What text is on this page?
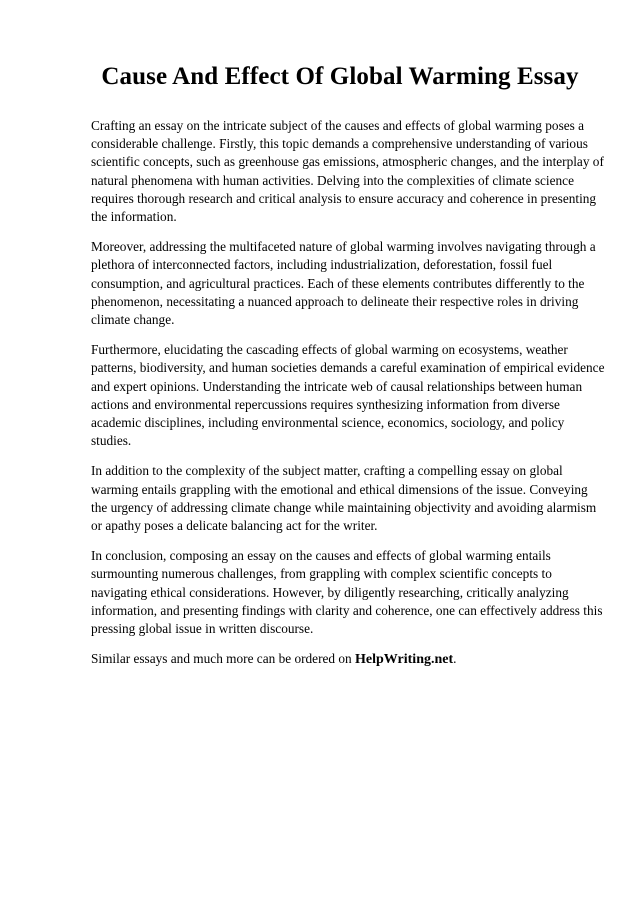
Cause And Effect Of Global Warming Essay

Crafting an essay on the intricate subject of the causes and effects of global warming poses a considerable challenge. Firstly, this topic demands a comprehensive understanding of various scientific concepts, such as greenhouse gas emissions, atmospheric changes, and the interplay of natural phenomena with human activities. Delving into the complexities of climate science requires thorough research and critical analysis to ensure accuracy and coherence in presenting the information.

Moreover, addressing the multifaceted nature of global warming involves navigating through a plethora of interconnected factors, including industrialization, deforestation, fossil fuel consumption, and agricultural practices. Each of these elements contributes differently to the phenomenon, necessitating a nuanced approach to delineate their respective roles in driving climate change.

Furthermore, elucidating the cascading effects of global warming on ecosystems, weather patterns, biodiversity, and human societies demands a careful examination of empirical evidence and expert opinions. Understanding the intricate web of causal relationships between human actions and environmental repercussions requires synthesizing information from diverse academic disciplines, including environmental science, economics, sociology, and policy studies.

In addition to the complexity of the subject matter, crafting a compelling essay on global warming entails grappling with the emotional and ethical dimensions of the issue. Conveying the urgency of addressing climate change while maintaining objectivity and avoiding alarmism or apathy poses a delicate balancing act for the writer.

In conclusion, composing an essay on the causes and effects of global warming entails surmounting numerous challenges, from grappling with complex scientific concepts to navigating ethical considerations. However, by diligently researching, critically analyzing information, and presenting findings with clarity and coherence, one can effectively address this pressing global issue in written discourse.

Similar essays and much more can be ordered on HelpWriting.net.
